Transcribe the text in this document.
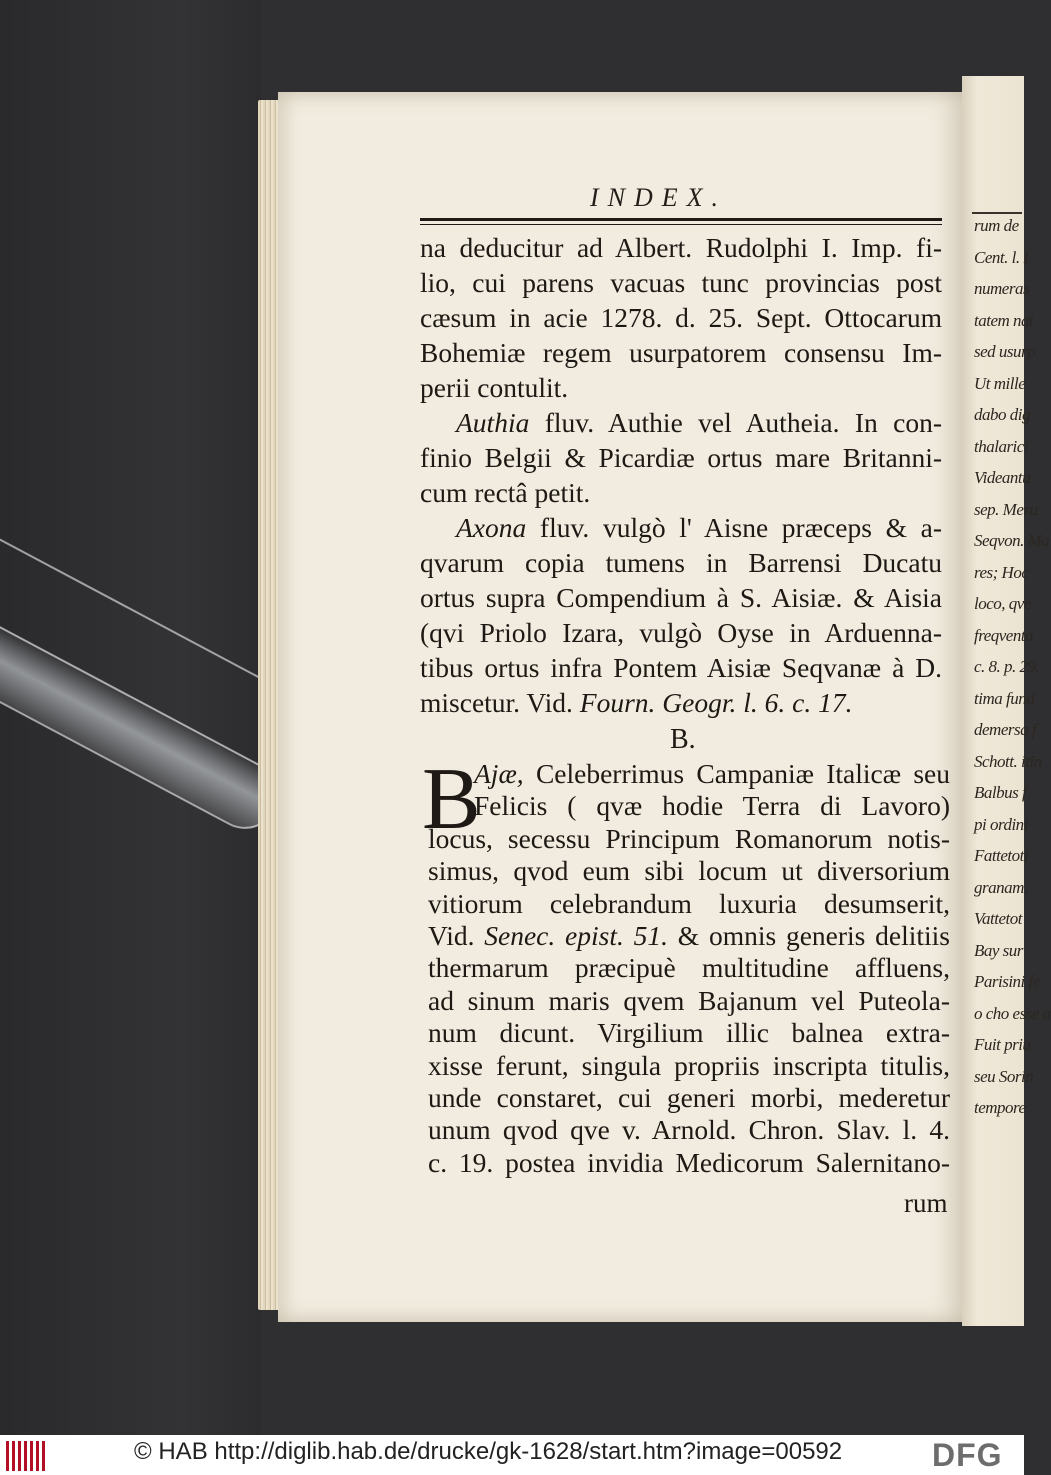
rum de
Cent. l. I
numeras
tatem nat
sed usurp
Ut mille
dabo dig
thalarici
Videantu
sep. Meru
Seqvon. Ma
res; Hoc
loco, qve
freqventa
c. 8. p. 29.
tima fund
demersa f
Schott. itin
Balbus f
pi ordini
Fattetoti
granam,
Vattetot
Bay sur
Parisini fe
o cho esse a
Fuit priu
seu Sorin
tempore
INDEX.
na deducitur ad Albert. Rudolphi I. Imp. fi-
lio, cui parens vacuas tunc provincias post
cæsum in acie 1278. d. 25. Sept. Ottocarum
Bohemiæ regem usurpatorem consensu Im-
perii contulit.
Authia fluv. Authie vel Autheia. In con-
finio Belgii & Picardiæ ortus mare Britanni-
cum rectâ petit.
Axona fluv. vulgò l' Aisne præceps & a-
qvarum copia tumens in Barrensi Ducatu
ortus supra Compendium à S. Aisiæ. & Aisia
(qvi Priolo Izara, vulgò Oyse in Arduenna-
tibus ortus infra Pontem Aisiæ Seqvanæ à D.
miscetur. Vid. Fourn. Geogr. l. 6. c. 17.
B.
B
Ajæ, Celeberrimus Campaniæ Italicæ seu
Felicis ( qvæ hodie Terra di Lavoro)
locus, secessu Principum Romanorum notis-
simus, qvod eum sibi locum ut diversorium
vitiorum celebrandum luxuria desumserit,
Vid. Senec. epist. 51. & omnis generis delitiis
thermarum præcipuè multitudine affluens,
ad sinum maris qvem Bajanum vel Puteola-
num dicunt. Virgilium illic balnea extra-
xisse ferunt, singula propriis inscripta titulis,
unde constaret, cui generi morbi, mederetur
unum qvod qve v. Arnold. Chron. Slav. l. 4.
c. 19. postea invidia Medicorum Salernitano-
rum
© HAB http://diglib.hab.de/drucke/gk-1628/start.htm?image=00592	DFG
